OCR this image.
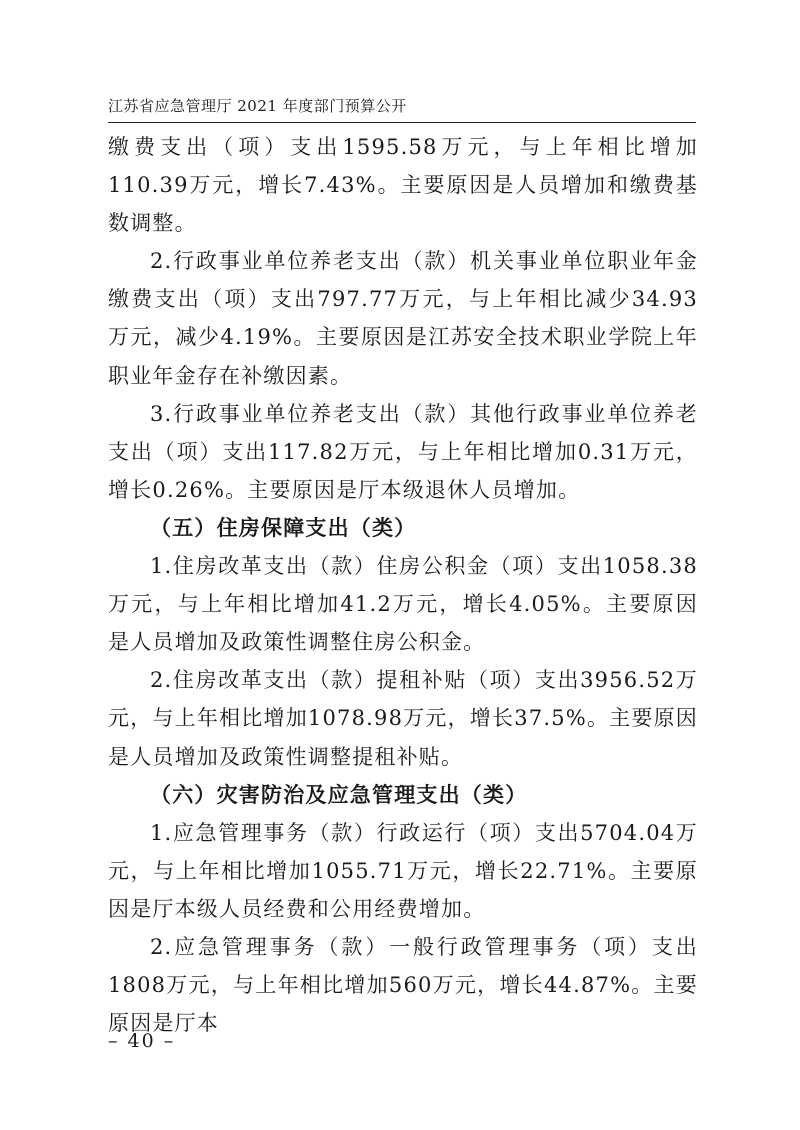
江苏省应急管理厅 2021 年度部门预算公开

缴费支出（项）支出1595.58万元，与上年相比增加110.39万元，增长7.43%。主要原因是人员增加和缴费基数调整。

2.行政事业单位养老支出（款）机关事业单位职业年金缴费支出（项）支出797.77万元，与上年相比减少34.93万元，减少4.19%。主要原因是江苏安全技术职业学院上年职业年金存在补缴因素。

3.行政事业单位养老支出（款）其他行政事业单位养老支出（项）支出117.82万元，与上年相比增加0.31万元，增长0.26%。主要原因是厅本级退休人员增加。

（五）住房保障支出（类）

1.住房改革支出（款）住房公积金（项）支出1058.38万元，与上年相比增加41.2万元，增长4.05%。主要原因是人员增加及政策性调整住房公积金。

2.住房改革支出（款）提租补贴（项）支出3956.52万元，与上年相比增加1078.98万元，增长37.5%。主要原因是人员增加及政策性调整提租补贴。

（六）灾害防治及应急管理支出（类）

1.应急管理事务（款）行政运行（项）支出5704.04万元，与上年相比增加1055.71万元，增长22.71%。主要原因是厅本级人员经费和公用经费增加。

2.应急管理事务（款）一般行政管理事务（项）支出1808万元，与上年相比增加560万元，增长44.87%。主要原因是厅本

– 40 –
